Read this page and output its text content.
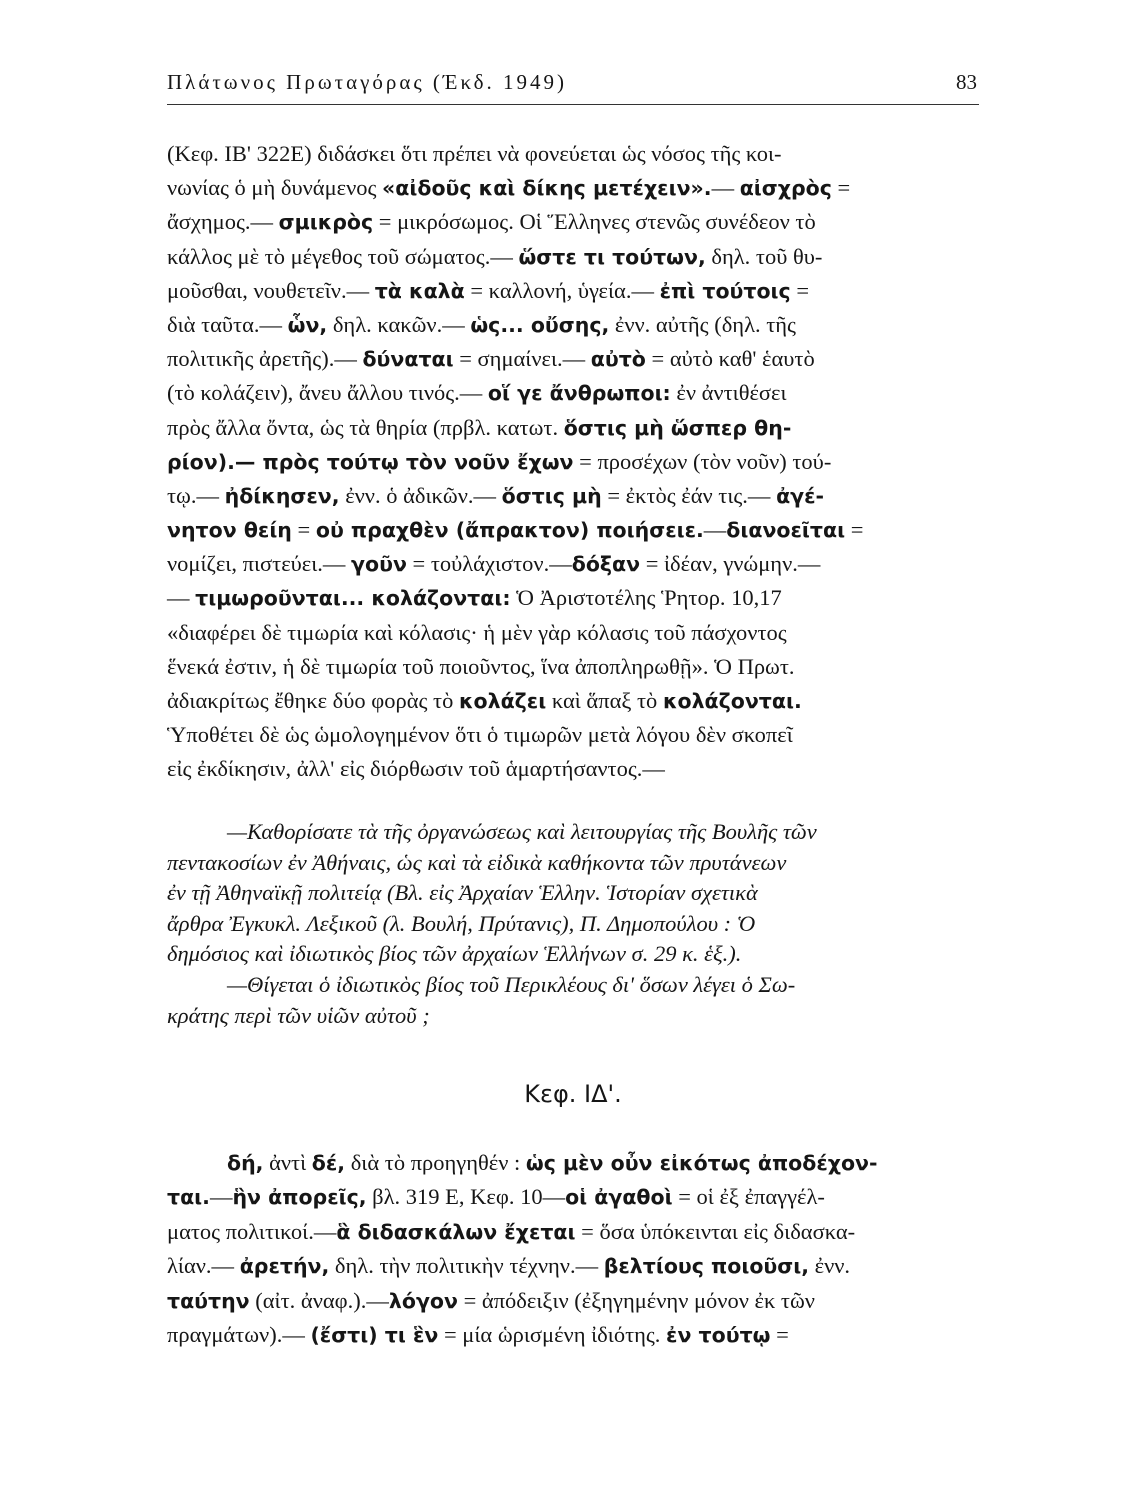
Πλάτωνος Πρωταγόρας (Έκδ. 1949)	83
(Κεφ. ΙΒ' 322Ε) διδάσκει ὅτι πρέπει νὰ φονεύεται ὡς νόσος τῆς κοι-
νωνίας ὁ μὴ δυνάμενος «αἰδοῦς καὶ δίκης μετέχειν».— αἰσχρὸς =
ἄσχημος.— σμικρὸς = μικρόσωμος. Οἱ Ἕλληνες στενῶς συνέδεον τὸ
κάλλος μὲ τὸ μέγεθος τοῦ σώματος.— ὥστε τι τούτων, δηλ. τοῦ θυ-
μοῦσθαι, νουθετεῖν.— τὰ καλὰ = καλλονή, ὑγεία.— ἐπὶ τούτοις =
διὰ ταῦτα.— ὧν, δηλ. κακῶν.— ὡς... οὔσης, ἐνν. αὐτῆς (δηλ. τῆς
πολιτικῆς ἀρετῆς).— δύναται = σημαίνει.— αὐτὸ = αὐτὸ καθ' ἑαυτὸ
(τὸ κολάζειν), ἄνευ ἄλλου τινός.— οἵ γε ἄνθρωποι: ἐν ἀντιθέσει
πρὸς ἄλλα ὄντα, ὡς τὰ θηρία (πρβλ. κατωτ. ὅστις μὴ ὥσπερ θη-
ρίον).— πρὸς τούτῳ τὸν νοῦν ἔχων = προσέχων (τὸν νοῦν) τού-
τῳ.— ἠδίκησεν, ἐνν. ὁ ἀδικῶν.— ὅστις μὴ = ἐκτὸς ἐάν τις.— ἀγέ-
νητον θείη = οὐ πραχθὲν (ἄπρακτον) ποιήσειε.—διανοεῖται =
νομίζει, πιστεύει.— γοῦν = τοὐλάχιστον.—δόξαν = ἰδέαν, γνώμην.—
— τιμωροῦνται... κολάζονται: Ὁ Ἀριστοτέλης Ῥητορ. 10,17
«διαφέρει δὲ τιμωρία καὶ κόλασις· ἡ μὲν γὰρ κόλασις τοῦ πάσχοντος
ἕνεκά ἐστιν, ἡ δὲ τιμωρία τοῦ ποιοῦντος, ἵνα ἀποπληρωθῇ». Ὁ Πρωτ.
ἀδιακρίτως ἔθηκε δύο φορὰς τὸ κολάζει καὶ ἅπαξ τὸ κολάζονται.
Ὑποθέτει δὲ ὡς ὡμολογημένον ὅτι ὁ τιμωρῶν μετὰ λόγου δὲν σκοπεῖ
εἰς ἐκδίκησιν, ἀλλ' εἰς διόρθωσιν τοῦ ἁμαρτήσαντος.—
—Καθορίσατε τὰ τῆς ὀργανώσεως καὶ λειτουργίας τῆς Βουλῆς τῶν
πεντακοσίων ἐν Ἀθήναις, ὡς καὶ τὰ εἰδικὰ καθήκοντα τῶν πρυτάνεων
ἐν τῇ Ἀθηναϊκῇ πολιτείᾳ (Βλ. εἰς Ἀρχαίαν Ἑλλην. Ἱστορίαν σχετικὰ
ἄρθρα Ἐγκυκλ. Λεξικοῦ (λ. Βουλή, Πρύτανις), Π. Δημοπούλου : Ὁ
δημόσιος καὶ ἰδιωτικὸς βίος τῶν ἀρχαίων Ἑλλήνων σ. 29 κ. ἑξ.).
—Θίγεται ὁ ἰδιωτικὸς βίος τοῦ Περικλέους δι' ὅσων λέγει ὁ Σω-
κράτης περὶ τῶν υἱῶν αὐτοῦ ;
Κεφ. ΙΔ'.
δή, ἀντὶ δέ, διὰ τὸ προηγηθέν : ὡς μὲν οὖν εἰκότως ἀποδέχον-
ται.—ἣν ἀπορεῖς, βλ. 319 Ε, Κεφ. 10—οἱ ἀγαθοὶ = οἱ ἐξ ἐπαγγέλ-
ματος πολιτικοί.—ἃ διδασκάλων ἔχεται = ὅσα ὑπόκεινται εἰς διδασκα-
λίαν.— ἀρετήν, δηλ. τὴν πολιτικὴν τέχνην.— βελτίους ποιοῦσι, ἐνν.
ταύτην (αἰτ. ἀναφ.).—λόγον = ἀπόδειξιν (ἐξηγημένην μόνον ἐκ τῶν
πραγμάτων).— (ἔστι) τι ἓν = μία ὡρισμένη ἰδιότης. ἐν τούτῳ =
